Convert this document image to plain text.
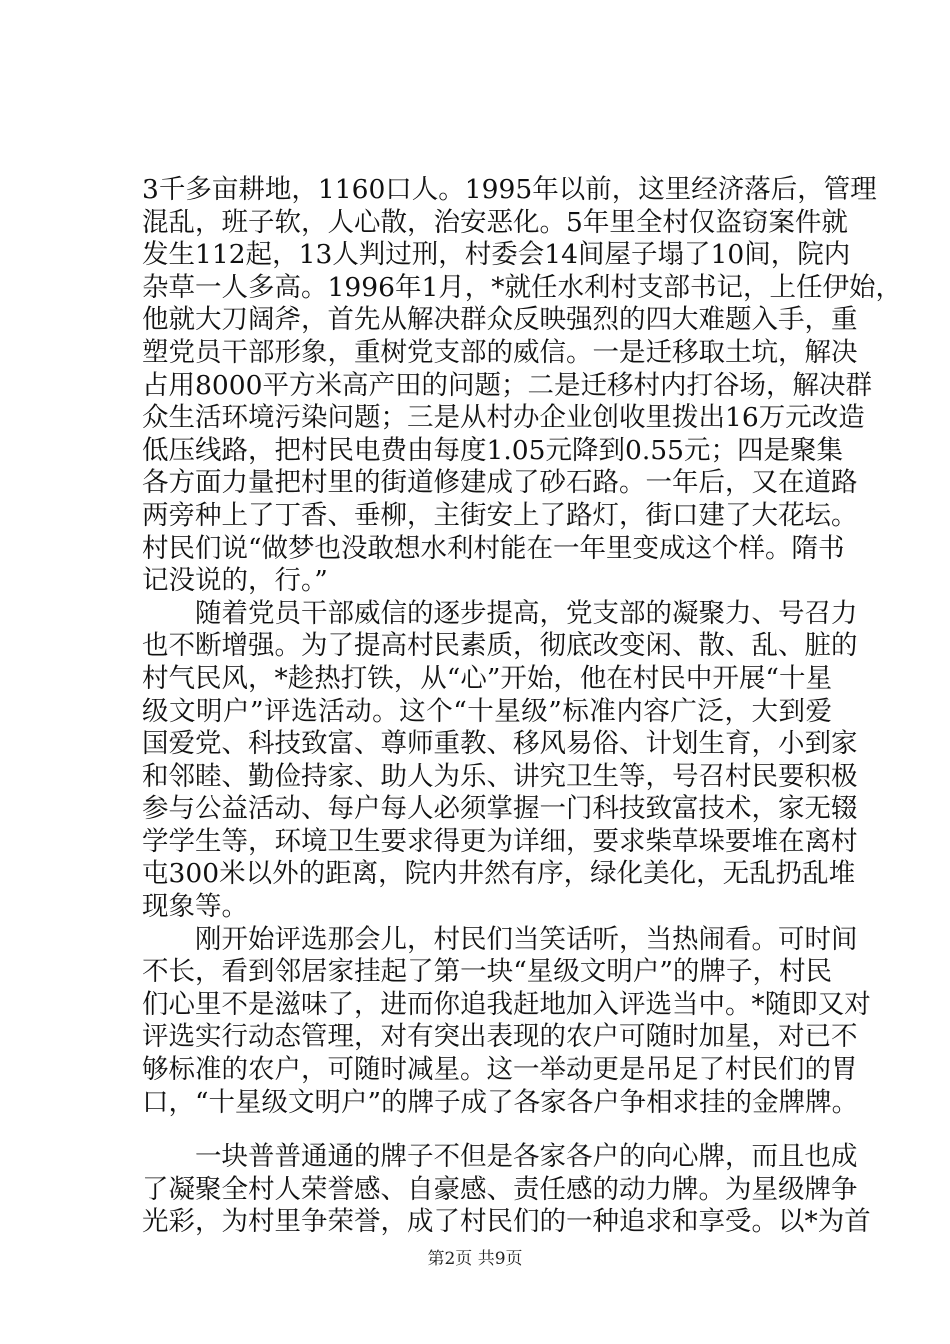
3千多亩耕地，1160口人。1995年以前，这里经济落后，管理
混乱，班子软，人心散，治安恶化。5年里全村仅盗窃案件就
发生112起，13人判过刑，村委会14间屋子塌了10间，院内
杂草一人多高。1996年1月，*就任水利村支部书记，上任伊始，
他就大刀阔斧，首先从解决群众反映强烈的四大难题入手，重
塑党员干部形象，重树党支部的威信。一是迁移取土坑，解决
占用8000平方米高产田的问题；二是迁移村内打谷场，解决群
众生活环境污染问题；三是从村办企业创收里拨出16万元改造
低压线路，把村民电费由每度1.05元降到0.55元；四是聚集
各方面力量把村里的街道修建成了砂石路。一年后，又在道路
两旁种上了丁香、垂柳，主街安上了路灯，街口建了大花坛。
村民们说“做梦也没敢想水利村能在一年里变成这个样。隋书
记没说的，行。”
　　随着党员干部威信的逐步提高，党支部的凝聚力、号召力
也不断增强。为了提高村民素质，彻底改变闲、散、乱、脏的
村气民风，*趁热打铁，从“心”开始，他在村民中开展“十星
级文明户”评选活动。这个“十星级”标准内容广泛，大到爱
国爱党、科技致富、尊师重教、移风易俗、计划生育，小到家
和邻睦、勤俭持家、助人为乐、讲究卫生等，号召村民要积极
参与公益活动、每户每人必须掌握一门科技致富技术，家无辍
学学生等，环境卫生要求得更为详细，要求柴草垛要堆在离村
屯300米以外的距离，院内井然有序，绿化美化，无乱扔乱堆
现象等。
　　刚开始评选那会儿，村民们当笑话听，当热闹看。可时间
不长，看到邻居家挂起了第一块“星级文明户”的牌子，村民
们心里不是滋味了，进而你追我赶地加入评选当中。*随即又对
评选实行动态管理，对有突出表现的农户可随时加星，对已不
够标准的农户，可随时减星。这一举动更是吊足了村民们的胃
口，“十星级文明户”的牌子成了各家各户争相求挂的金牌牌。
　　一块普普通通的牌子不但是各家各户的向心牌，而且也成
了凝聚全村人荣誉感、自豪感、责任感的动力牌。为星级牌争
光彩，为村里争荣誉，成了村民们的一种追求和享受。以*为首
第2页 共9页
